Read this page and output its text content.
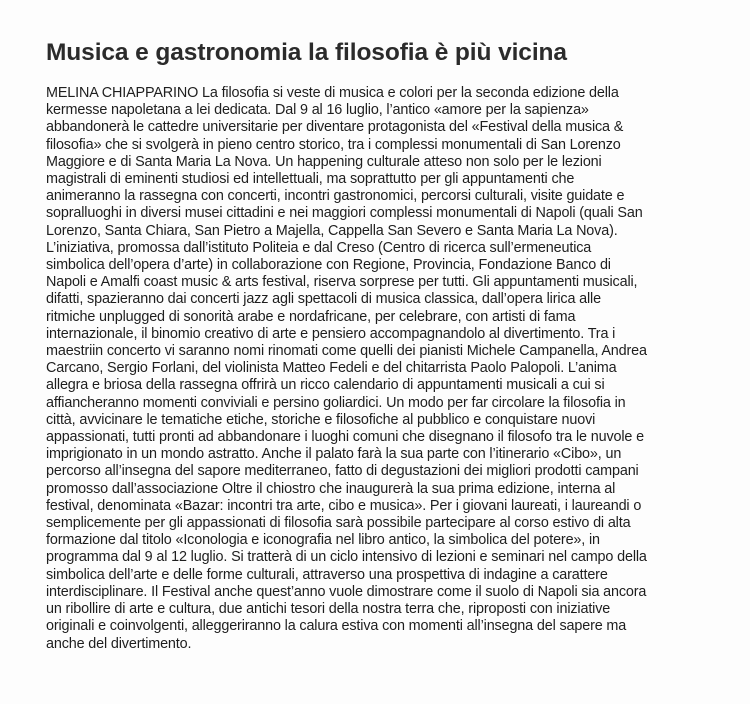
Musica e gastronomia la filosofia è più vicina
MELINA CHIAPPARINO La filosofia si veste di musica e colori per la seconda edizione della
kermesse napoletana a lei dedicata. Dal 9 al 16 luglio, l’antico «amore per la sapienza»
abbandonerà le cattedre universitarie per diventare protagonista del «Festival della musica &
filosofia» che si svolgerà in pieno centro storico, tra i complessi monumentali di San Lorenzo
Maggiore e di Santa Maria La Nova. Un happening culturale atteso non solo per le lezioni
magistrali di eminenti studiosi ed intellettuali, ma soprattutto per gli appuntamenti che
animeranno la rassegna con concerti, incontri gastronomici, percorsi culturali, visite guidate e
sopralluoghi in diversi musei cittadini e nei maggiori complessi monumentali di Napoli (quali San
Lorenzo, Santa Chiara, San Pietro a Majella, Cappella San Severo e Santa Maria La Nova).
L’iniziativa, promossa dall’istituto Politeia e dal Creso (Centro di ricerca sull’ermeneutica
simbolica dell’opera d’arte) in collaborazione con Regione, Provincia, Fondazione Banco di
Napoli e Amalfi coast music & arts festival, riserva sorprese per tutti. Gli appuntamenti musicali,
difatti, spazieranno dai concerti jazz agli spettacoli di musica classica, dall’opera lirica alle
ritmiche unplugged di sonorità arabe e nordafricane, per celebrare, con artisti di fama
internazionale, il binomio creativo di arte e pensiero accompagnandolo al divertimento. Tra i
maestriin concerto vi saranno nomi rinomati come quelli dei pianisti Michele Campanella, Andrea
Carcano, Sergio Forlani, del violinista Matteo Fedeli e del chitarrista Paolo Palopoli. L’anima
allegra e briosa della rassegna offrirà un ricco calendario di appuntamenti musicali a cui si
affiancheranno momenti conviviali e persino goliardici. Un modo per far circolare la filosofia in
città, avvicinare le tematiche etiche, storiche e filosofiche al pubblico e conquistare nuovi
appassionati, tutti pronti ad abbandonare i luoghi comuni che disegnano il filosofo tra le nuvole e
imprigionato in un mondo astratto. Anche il palato farà la sua parte con l’itinerario «Cibo», un
percorso all’insegna del sapore mediterraneo, fatto di degustazioni dei migliori prodotti campani
promosso dall’associazione Oltre il chiostro che inaugurerà la sua prima edizione, interna al
festival, denominata «Bazar: incontri tra arte, cibo e musica». Per i giovani laureati, i laureandi o
semplicemente per gli appassionati di filosofia sarà possibile partecipare al corso estivo di alta
formazione dal titolo «Iconologia e iconografia nel libro antico, la simbolica del potere», in
programma dal 9 al 12 luglio. Si tratterà di un ciclo intensivo di lezioni e seminari nel campo della
simbolica dell’arte e delle forme culturali, attraverso una prospettiva di indagine a carattere
interdisciplinare. Il Festival anche quest’anno vuole dimostrare come il suolo di Napoli sia ancora
un ribollire di arte e cultura, due antichi tesori della nostra terra che, riproposti con iniziative
originali e coinvolgenti, alleggeriranno la calura estiva con momenti all’insegna del sapere ma
anche del divertimento.
